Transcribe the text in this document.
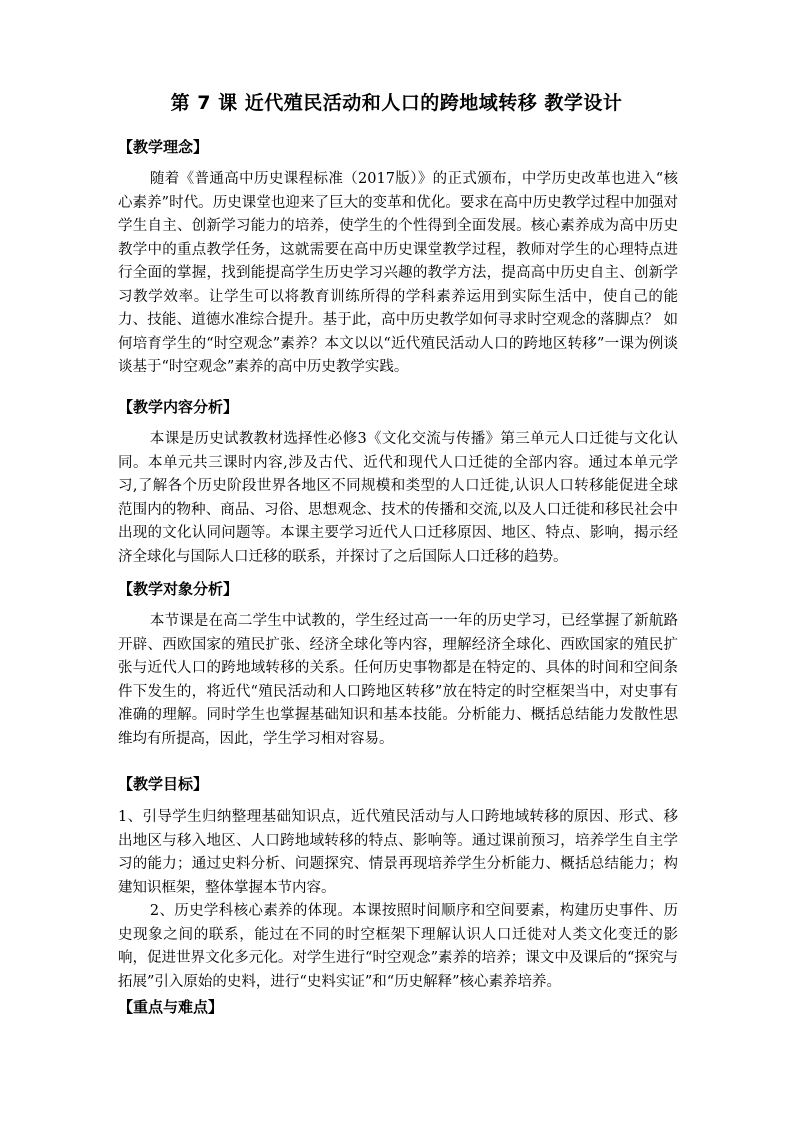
第 7 课 近代殖民活动和人口的跨地域转移 教学设计
【教学理念】

随着《普通高中历史课程标准（2017版）》的正式颁布，中学历史改革也进入“核心素养”时代。历史课堂也迎来了巨大的变革和优化。要求在高中历史教学过程中加强对学生自主、创新学习能力的培养，使学生的个性得到全面发展。核心素养成为高中历史教学中的重点教学任务，这就需要在高中历史课堂教学过程，教师对学生的心理特点进行全面的掌握，找到能提高学生历史学习兴趣的教学方法，提高高中历史自主、创新学习教学效率。让学生可以将教育训练所得的学科素养运用到实际生活中，使自己的能力、技能、道德水准综合提升。基于此，高中历史教学如何寻求时空观念的落脚点？ 如何培育学生的“时空观念”素养？本文以以“近代殖民活动人口的跨地区转移”一课为例谈谈基于“时空观念”素养的高中历史教学实践。

【教学内容分析】

本课是历史试教教材选择性必修3《文化交流与传播》第三单元人口迁徙与文化认同。本单元共三课时内容,涉及古代、近代和现代人口迁徙的全部内容。通过本单元学习,了解各个历史阶段世界各地区不同规模和类型的人口迁徙,认识人口转移能促进全球范围内的物种、商品、习俗、思想观念、技术的传播和交流,以及人口迁徙和移民社会中出现的文化认同问题等。本课主要学习近代人口迁移原因、地区、特点、影响，揭示经济全球化与国际人口迁移的联系，并探讨了之后国际人口迁移的趋势。

【教学对象分析】

本节课是在高二学生中试教的，学生经过高一一年的历史学习，已经掌握了新航路开辟、西欧国家的殖民扩张、经济全球化等内容，理解经济全球化、西欧国家的殖民扩张与近代人口的跨地域转移的关系。任何历史事物都是在特定的、具体的时间和空间条件下发生的，将近代“殖民活动和人口跨地区转移”放在特定的时空框架当中，对史事有准确的理解。同时学生也掌握基础知识和基本技能。分析能力、概括总结能力发散性思维均有所提高，因此，学生学习相对容易。

【教学目标】

1、引导学生归纳整理基础知识点，近代殖民活动与人口跨地域转移的原因、形式、移出地区与移入地区、人口跨地域转移的特点、影响等。通过课前预习，培养学生自主学习的能力；通过史料分析、问题探究、情景再现培养学生分析能力、概括总结能力；构建知识框架，整体掌握本节内容。

2、历史学科核心素养的体现。本课按照时间顺序和空间要素，构建历史事件、历史现象之间的联系，能过在不同的时空框架下理解认识人口迁徙对人类文化变迁的影响，促进世界文化多元化。对学生进行“时空观念”素养的培养；课文中及课后的“探究与拓展”引入原始的史料，进行“史料实证”和“历史解释”核心素养培养。

【重点与难点】
